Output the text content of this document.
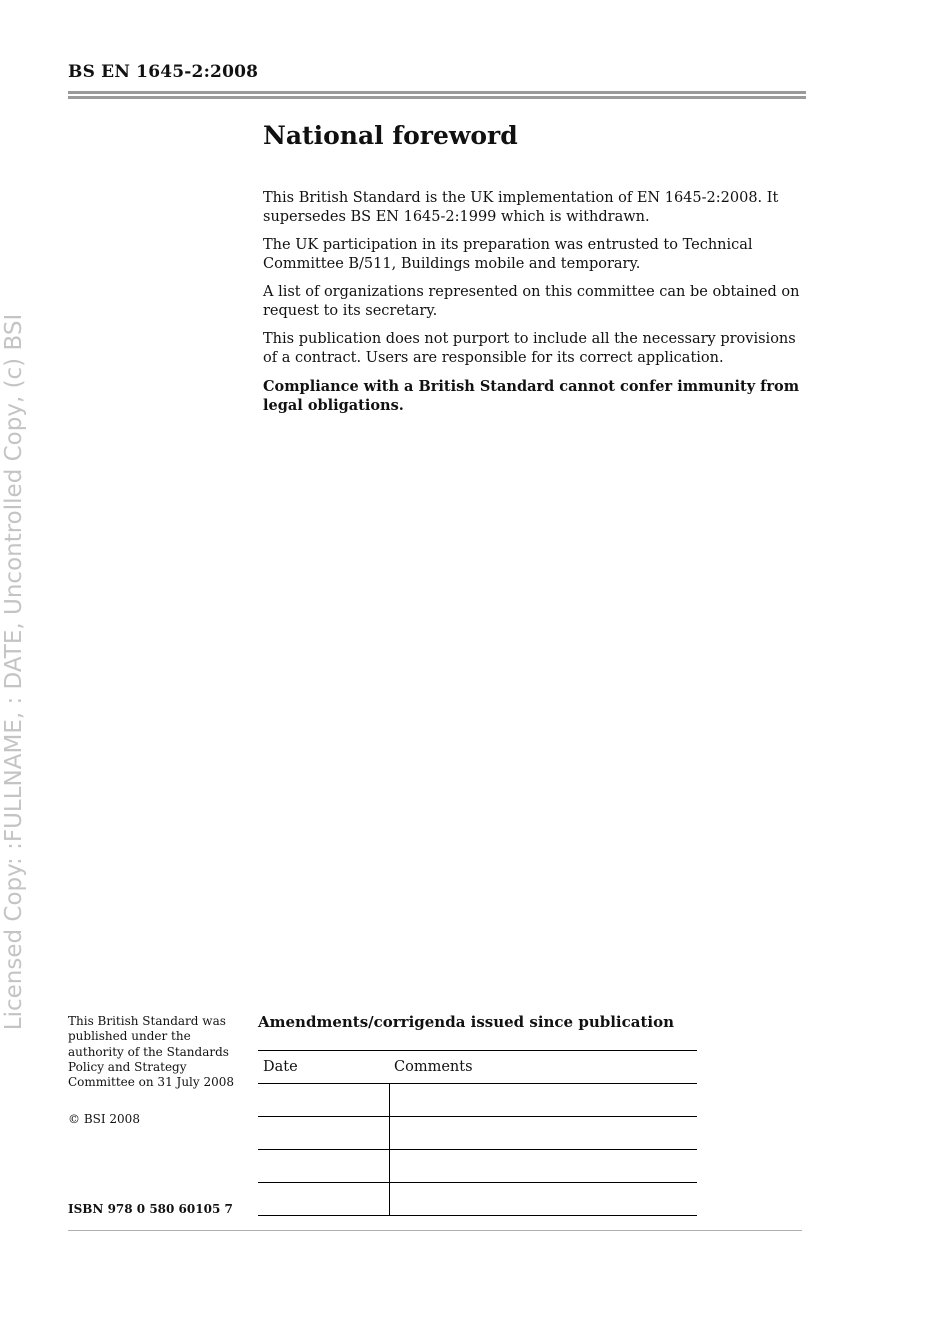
BS EN 1645-2:2008
National foreword

This British Standard is the UK implementation of EN 1645-2:2008. It supersedes BS EN 1645-2:1999 which is withdrawn.

The UK participation in its preparation was entrusted to Technical Committee B/511, Buildings mobile and temporary.

A list of organizations represented on this committee can be obtained on request to its secretary.

This publication does not purport to include all the necessary provisions of a contract. Users are responsible for its correct application.

Compliance with a British Standard cannot confer immunity from legal obligations.

Licensed Copy: :FULLNAME, : DATE, Uncontrolled Copy, (c) BSI	This British Standard was published under the authority of the Standards Policy and Strategy Committee on 31 July 2008
© BSI 2008
ISBN 978 0 580 60105 7
Amendments/corrigenda issued since publication
Date	Comments
